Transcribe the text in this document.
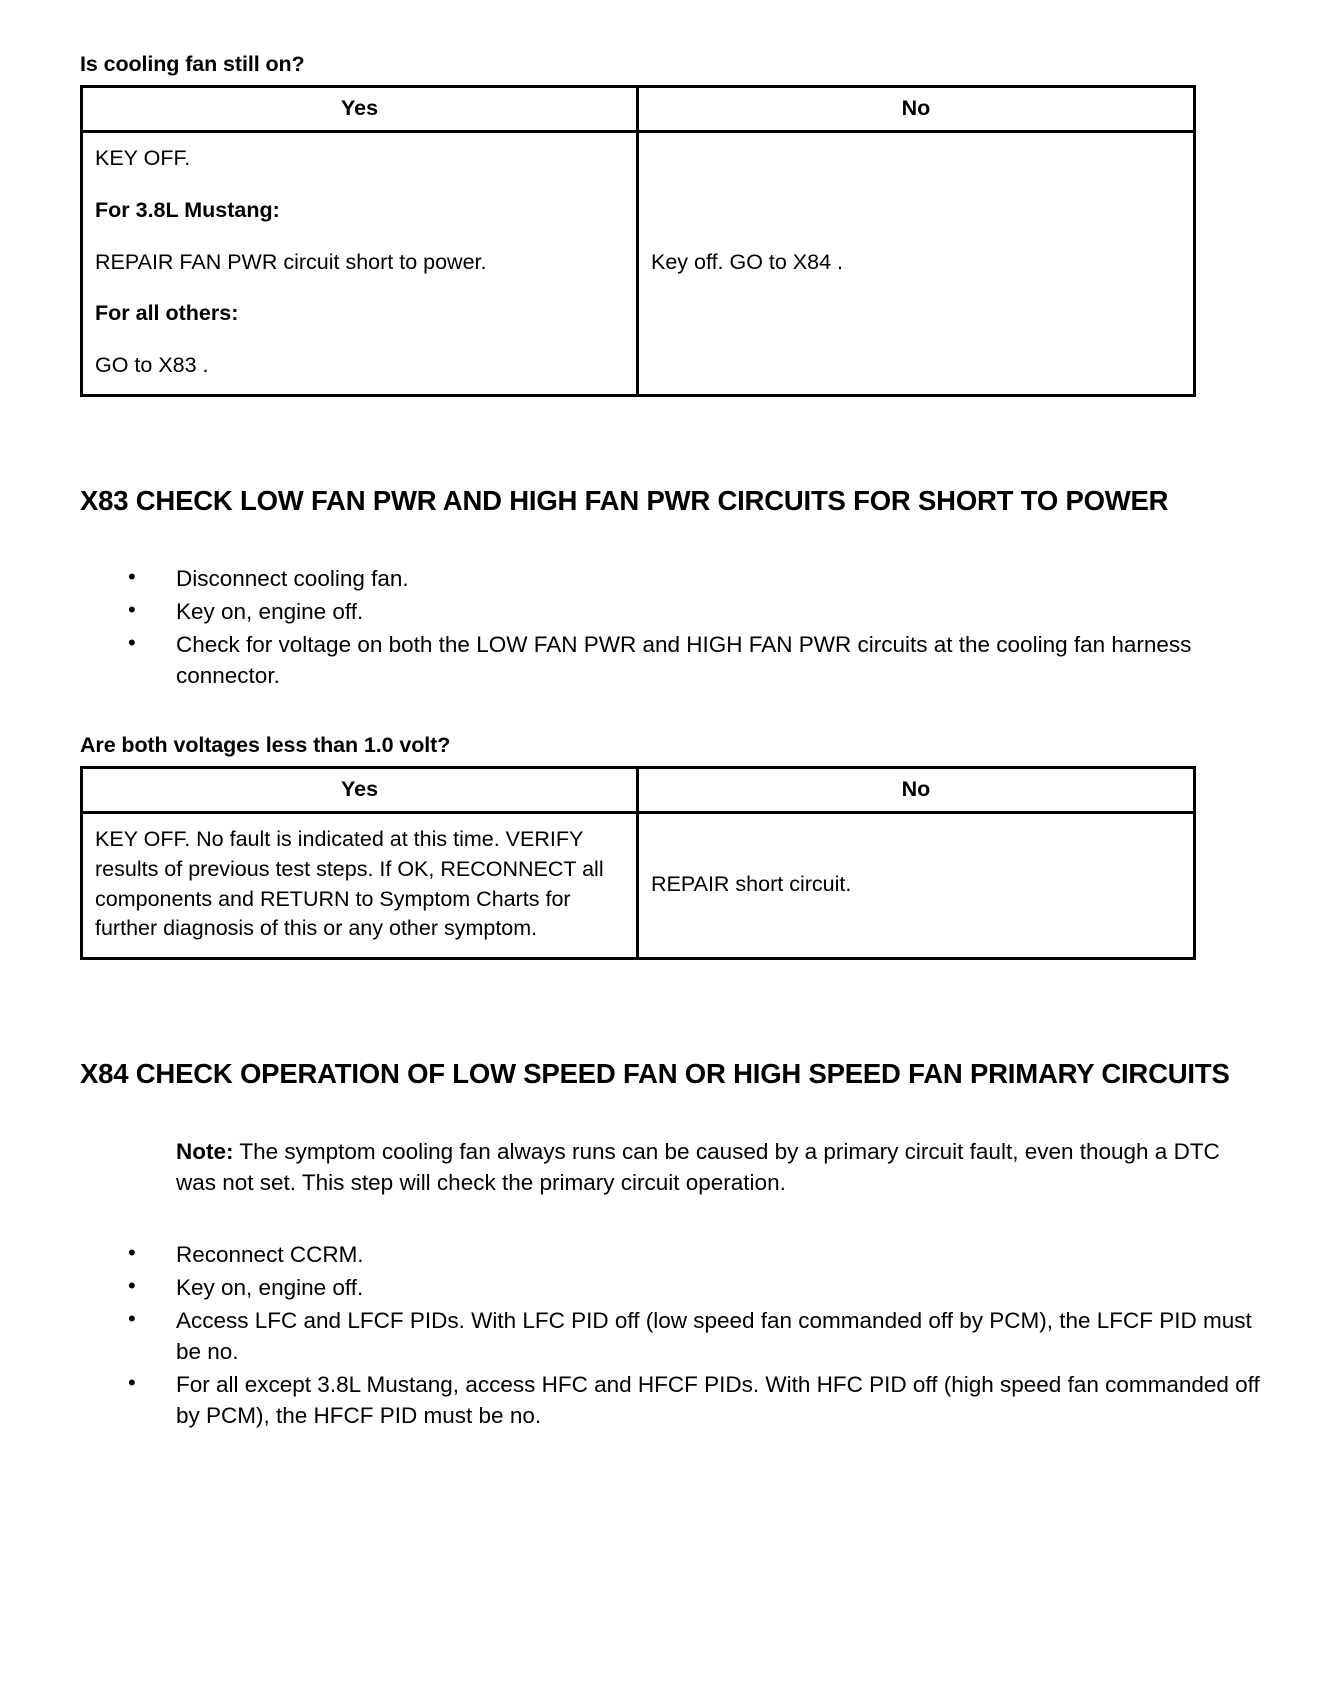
Is cooling fan still on?
Yes	No

KEY OFF.

For 3.8L Mustang:

REPAIR FAN PWR circuit short to power.

For all others:

GO to X83 .	Key off. GO to X84 .
X83 CHECK LOW FAN PWR AND HIGH FAN PWR CIRCUITS FOR SHORT TO POWER
• Disconnect cooling fan.
• Key on, engine off.
• Check for voltage on both the LOW FAN PWR and HIGH FAN PWR circuits at the cooling fan harness connector.
Are both voltages less than 1.0 volt?
Yes	No
KEY OFF. No fault is indicated at this time. VERIFY results of previous test steps. If OK, RECONNECT all components and RETURN to Symptom Charts for further diagnosis of this or any other symptom.	REPAIR short circuit.
X84 CHECK OPERATION OF LOW SPEED FAN OR HIGH SPEED FAN PRIMARY CIRCUITS

Note: The symptom cooling fan always runs can be caused by a primary circuit fault, even though a DTC was not set. This step will check the primary circuit operation.

• Reconnect CCRM.
• Key on, engine off.
• Access LFC and LFCF PIDs. With LFC PID off (low speed fan commanded off by PCM), the LFCF PID must be no.
• For all except 3.8L Mustang, access HFC and HFCF PIDs. With HFC PID off (high speed fan commanded off by PCM), the HFCF PID must be no.
